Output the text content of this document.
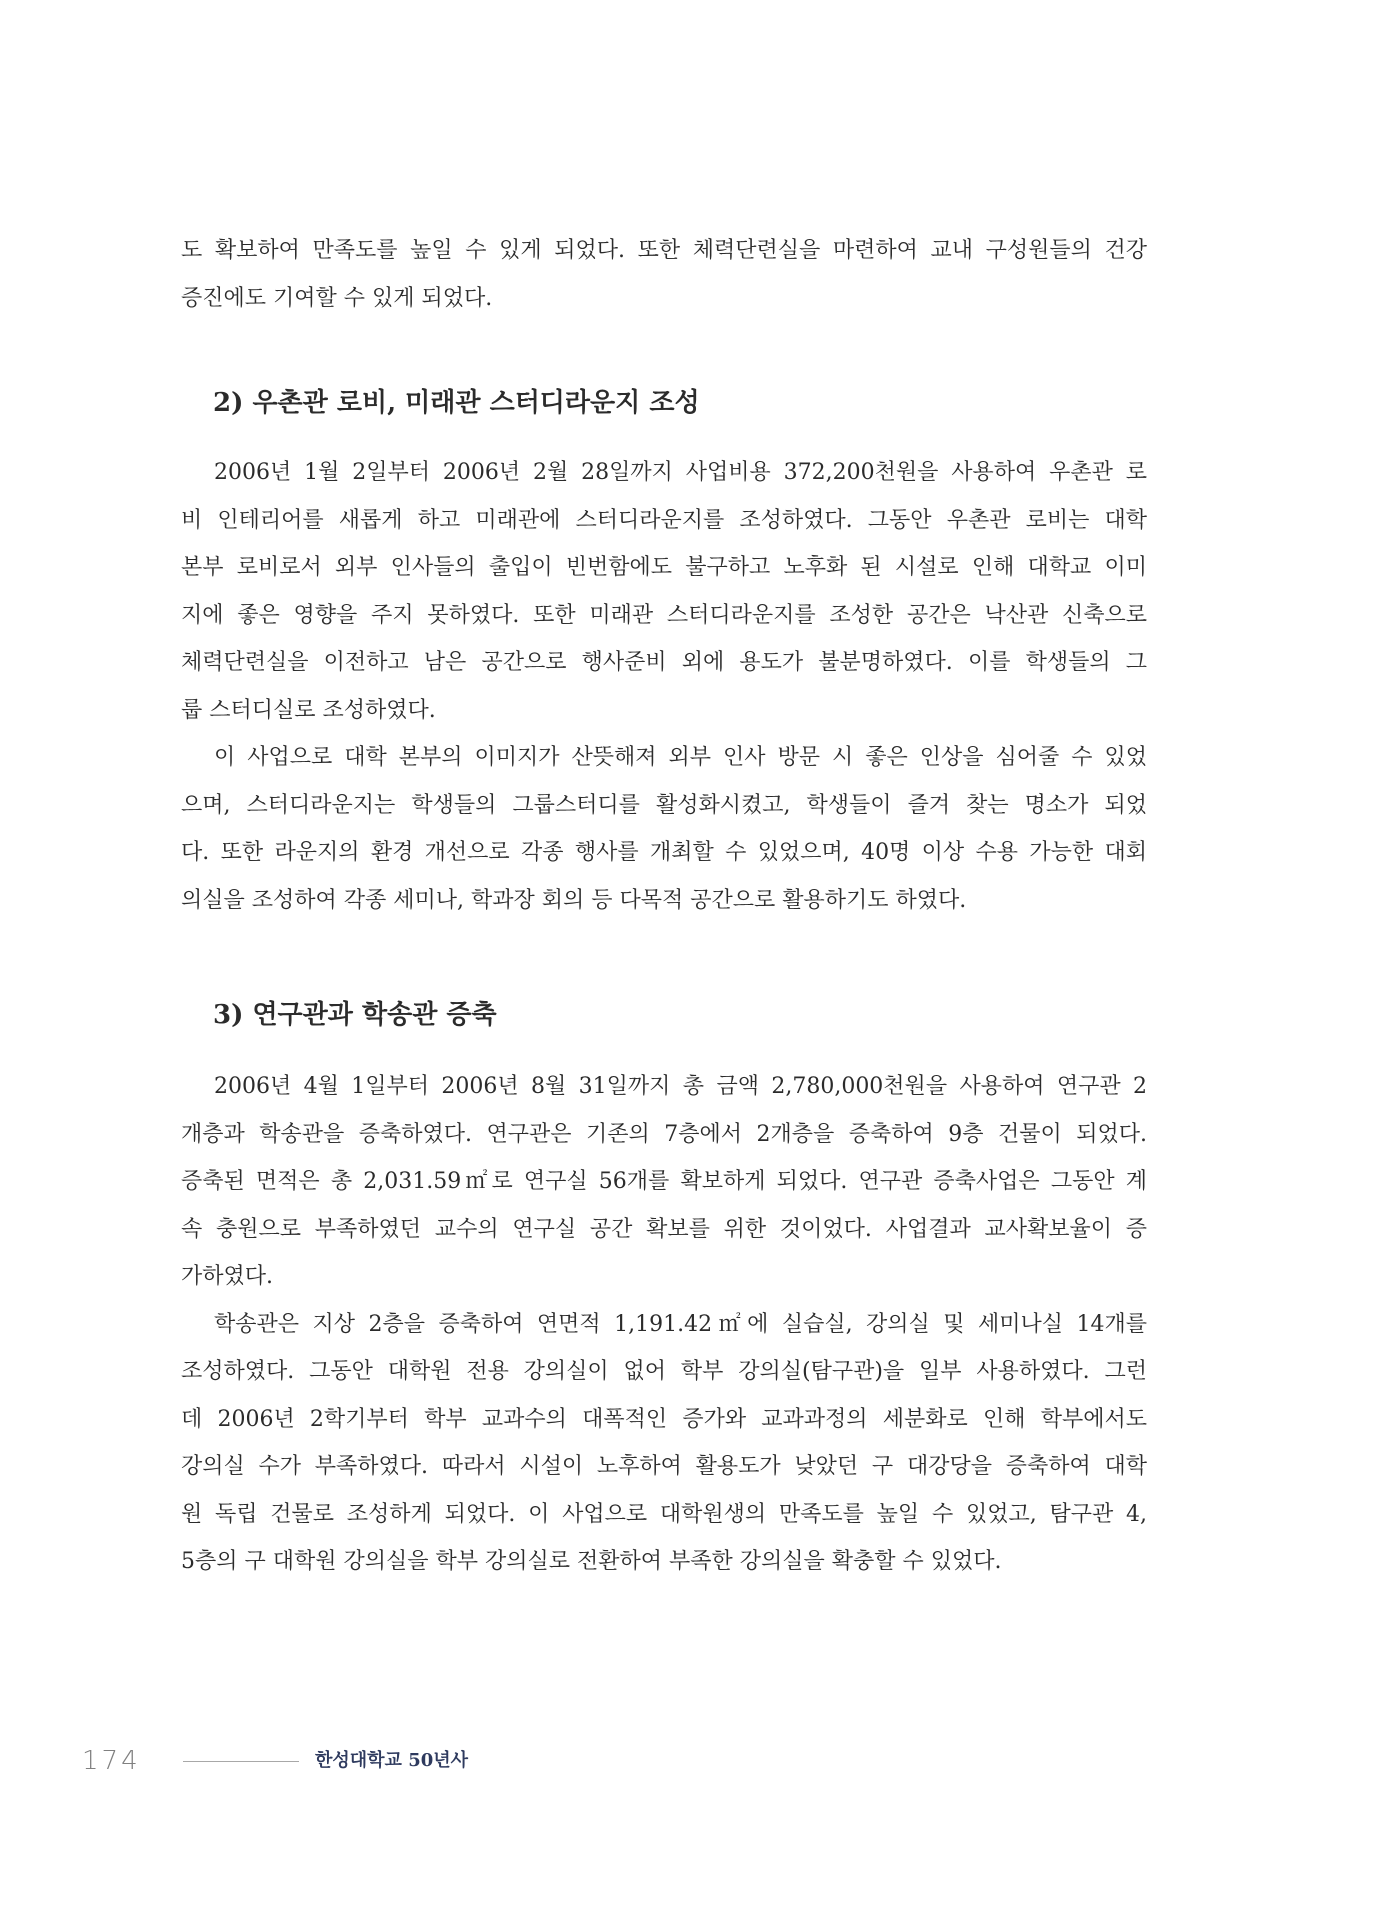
도 확보하여 만족도를 높일 수 있게 되었다. 또한 체력단련실을 마련하여 교내 구성원들의 건강
증진에도 기여할 수 있게 되었다.
2) 우촌관 로비, 미래관 스터디라운지 조성
2006년 1월 2일부터 2006년 2월 28일까지 사업비용 372,200천원을 사용하여 우촌관 로
비 인테리어를 새롭게 하고 미래관에 스터디라운지를 조성하였다. 그동안 우촌관 로비는 대학
본부 로비로서 외부 인사들의 출입이 빈번함에도 불구하고 노후화 된 시설로 인해 대학교 이미
지에 좋은 영향을 주지 못하였다. 또한 미래관 스터디라운지를 조성한 공간은 낙산관 신축으로
체력단련실을 이전하고 남은 공간으로 행사준비 외에 용도가 불분명하였다. 이를 학생들의 그
룹 스터디실로 조성하였다.
이 사업으로 대학 본부의 이미지가 산뜻해져 외부 인사 방문 시 좋은 인상을 심어줄 수 있었
으며, 스터디라운지는 학생들의 그룹스터디를 활성화시켰고, 학생들이 즐겨 찾는 명소가 되었
다. 또한 라운지의 환경 개선으로 각종 행사를 개최할 수 있었으며, 40명 이상 수용 가능한 대회
의실을 조성하여 각종 세미나, 학과장 회의 등 다목적 공간으로 활용하기도 하였다.
3) 연구관과 학송관 증축
2006년 4월 1일부터 2006년 8월 31일까지 총 금액 2,780,000천원을 사용하여 연구관 2
개층과 학송관을 증축하였다. 연구관은 기존의 7층에서 2개층을 증축하여 9층 건물이 되었다.
증축된 면적은 총 2,031.59㎡로 연구실 56개를 확보하게 되었다. 연구관 증축사업은 그동안 계
속 충원으로 부족하였던 교수의 연구실 공간 확보를 위한 것이었다. 사업결과 교사확보율이 증
가하였다.
학송관은 지상 2층을 증축하여 연면적 1,191.42㎡에 실습실, 강의실 및 세미나실 14개를
조성하였다. 그동안 대학원 전용 강의실이 없어 학부 강의실(탐구관)을 일부 사용하였다. 그런
데 2006년 2학기부터 학부 교과수의 대폭적인 증가와 교과과정의 세분화로 인해 학부에서도
강의실 수가 부족하였다. 따라서 시설이 노후하여 활용도가 낮았던 구 대강당을 증축하여 대학
원 독립 건물로 조성하게 되었다. 이 사업으로 대학원생의 만족도를 높일 수 있었고, 탐구관 4,
5층의 구 대학원 강의실을 학부 강의실로 전환하여 부족한 강의실을 확충할 수 있었다.
174	한성대학교 50년사
